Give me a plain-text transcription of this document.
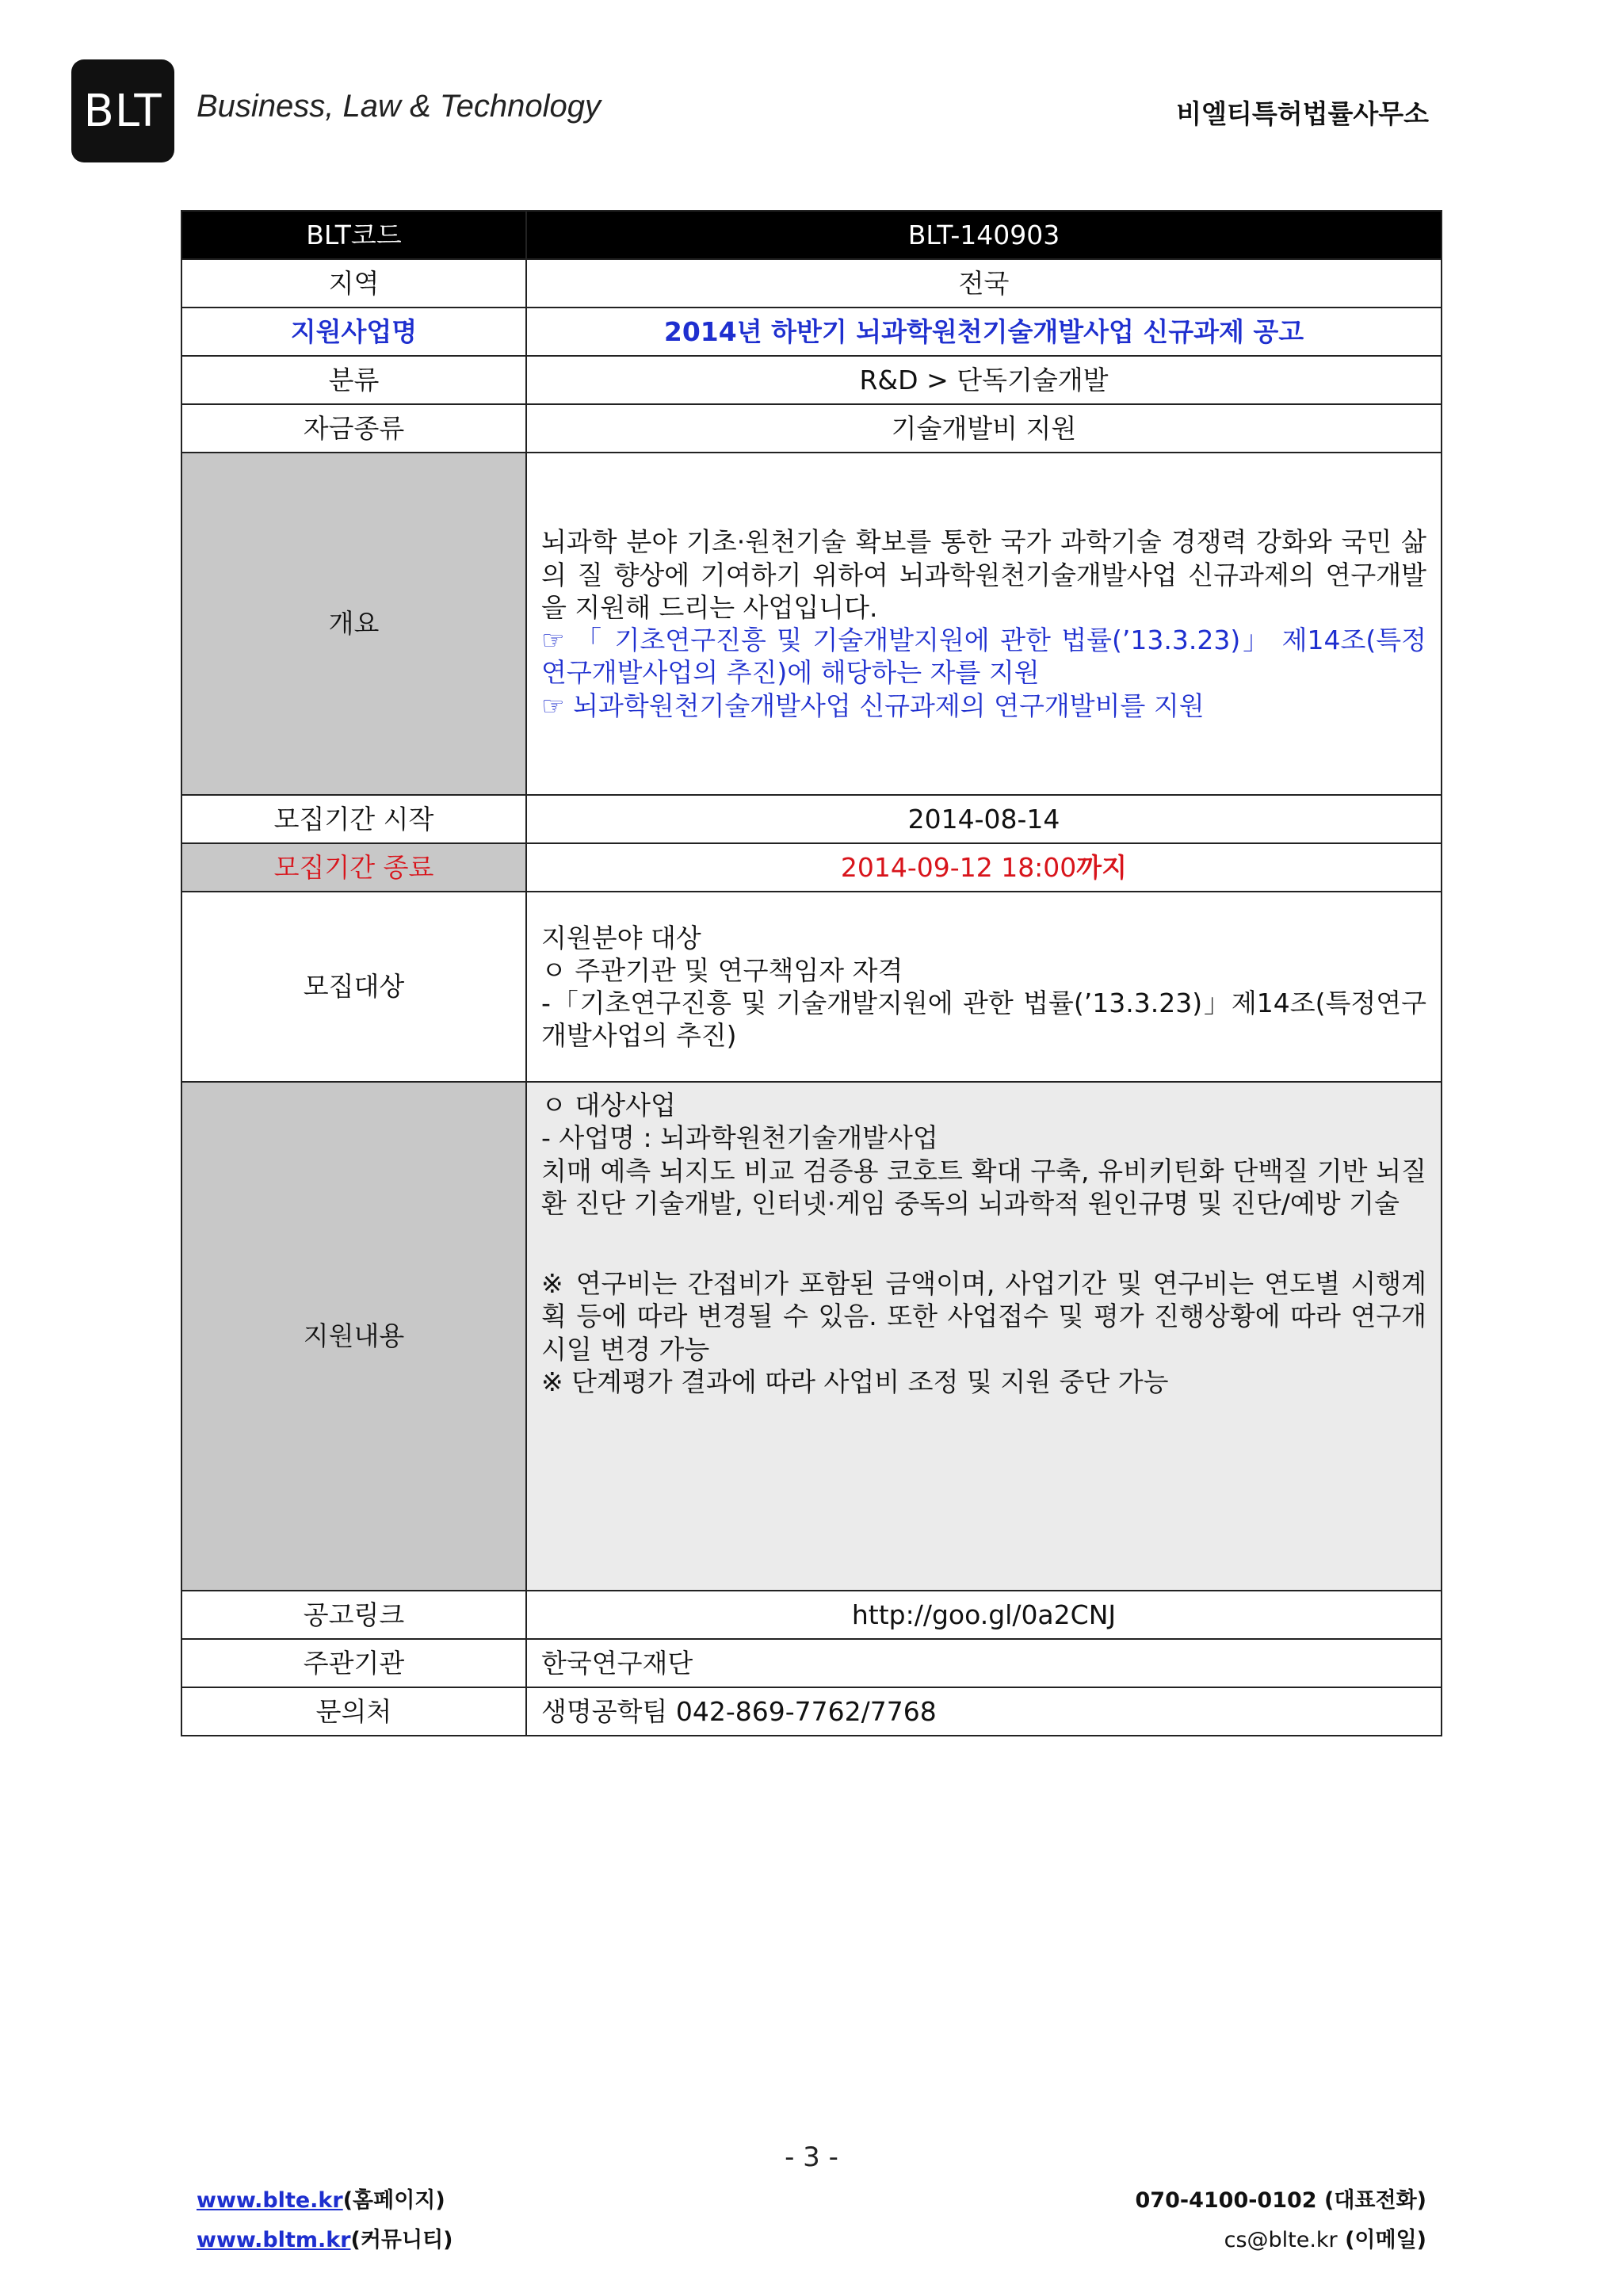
BLT Business, Law & Technology	비엘티특허법률사무소
BLT코드	BLT-140903
지역	전국
지원사업명	2014년 하반기 뇌과학원천기술개발사업 신규과제 공고
분류	R&D > 단독기술개발
자금종류	기술개발비 지원
개요	뇌과학 분야 기초·원천기술 확보를 통한 국가 과학기술 경쟁력 강화와 국민 삶의 질 향상에 기여하기 위하여 뇌과학원천기술개발사업 신규과제의 연구개발을 지원해 드리는 사업입니다.
☞ 「 기초연구진흥 및 기술개발지원에 관한 법률(’13.3.23)」 제14조(특정연구개발사업의 추진)에 해당하는 자를 지원
☞ 뇌과학원천기술개발사업 신규과제의 연구개발비를 지원

모집기간 시작	2014-08-14
모집기간 종료	2014-09-12 18:00까지
모집대상	지원분야 대상
ㅇ 주관기관 및 연구책임자 자격
-「기초연구진흥 및 기술개발지원에 관한 법률(’13.3.23)」제14조(특정연구개발사업의 추진)

지원내용	ㅇ 대상사업
- 사업명 : 뇌과학원천기술개발사업
치매 예측 뇌지도 비교 검증용 코호트 확대 구축, 유비키틴화 단백질 기반 뇌질환 진단 기술개발, 인터넷·게임 중독의 뇌과학적 원인규명 및 진단/예방 기술
※ 연구비는 간접비가 포함된 금액이며, 사업기간 및 연구비는 연도별 시행계획 등에 따라 변경될 수 있음. 또한 사업접수 및 평가 진행상황에 따라 연구개시일 변경 가능
※ 단계평가 결과에 따라 사업비 조정 및 지원 중단 가능

공고링크	http://goo.gl/0a2CNJ
주관기관	한국연구재단
문의처	생명공학팀 042-869-7762/7768
- 3 -
www.blte.kr(홈페이지)
www.bltm.kr(커뮤니티)
070-4100-0102 (대표전화)
cs@blte.kr (이메일)
